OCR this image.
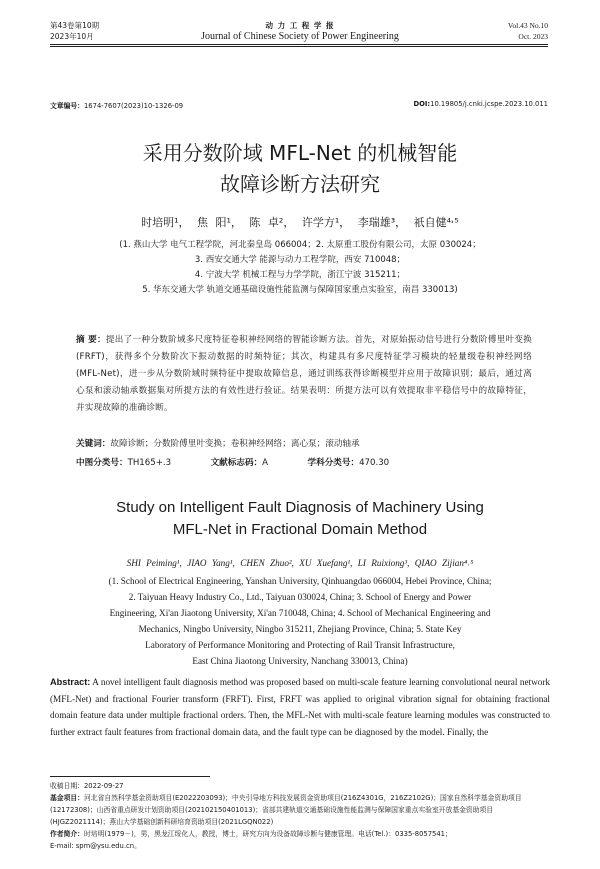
第43卷第10期
2023年10月
动 力 工 程 学 报
Journal of Chinese Society of Power Engineering
Vol.43 No.10
Oct. 2023
文章编号：1674-7607(2023)10-1326-09	DOI:10.19805/j.cnki.jcspe.2023.10.011
采用分数阶域 MFL-Net 的机械智能
故障诊断方法研究
时培明¹， 焦 阳¹， 陈 卓²， 许学方¹， 李瑞雄³， 祇自健⁴˒⁵
(1. 燕山大学 电气工程学院，河北秦皇岛 066004；2. 太原重工股份有限公司，太原 030024；
3. 西安交通大学 能源与动力工程学院，西安 710048；
4. 宁波大学 机械工程与力学学院，浙江宁波 315211；
5. 华东交通大学 轨道交通基础设施性能监测与保障国家重点实验室，南昌 330013)
摘 要：提出了一种分数阶域多尺度特征卷积神经网络的智能诊断方法。首先，对原始振动信号进行分数阶傅里叶变换(FRFT)，获得多个分数阶次下振动数据的时频特征；其次，构建具有多尺度特征学习模块的轻量级卷积神经网络(MFL-Net)，进一步从分数阶域时频特征中提取故障信息，通过训练获得诊断模型并应用于故障识别；最后，通过离心泵和滚动轴承数据集对所提方法的有效性进行验证。结果表明：所提方法可以有效提取非平稳信号中的故障特征，并实现故障的准确诊断。
关键词：故障诊断；分数阶傅里叶变换；卷积神经网络；离心泵；滚动轴承
中图分类号：TH165+.3	文献标志码：A	学科分类号：470.30
Study on Intelligent Fault Diagnosis of Machinery Using
MFL-Net in Fractional Domain Method
SHI Peiming¹, JIAO Yang¹, CHEN Zhuo², XU Xuefang¹, LI Ruixiong³, QIAO Zijian⁴˒⁵
(1. School of Electrical Engineering, Yanshan University, Qinhuangdao 066004, Hebei Province, China;
2. Taiyuan Heavy Industry Co., Ltd., Taiyuan 030024, China; 3. School of Energy and Power
Engineering, Xi'an Jiaotong University, Xi'an 710048, China; 4. School of Mechanical Engineering and
Mechanics, Ningbo University, Ningbo 315211, Zhejiang Province, China; 5. State Key
Laboratory of Performance Monitoring and Protecting of Rail Transit Infrastructure,
East China Jiaotong University, Nanchang 330013, China)
Abstract: A novel intelligent fault diagnosis method was proposed based on multi-scale feature learning convolutional neural network (MFL-Net) and fractional Fourier transform (FRFT). First, FRFT was applied to original vibration signal for obtaining fractional domain feature data under multiple fractional orders. Then, the MFL-Net with multi-scale feature learning modules was constructed to further extract fault features from fractional domain data, and the fault type can be diagnosed by the model. Finally, the
收稿日期：2022-09-27
基金项目：河北省自然科学基金资助项目(E2022203093)；中央引导地方科技发展资金资助项目(216Z4301G，216Z2102G)；国家自然科学基金资助项目(12172308)；山西省重点研发计划资助项目(202102150401013)；省部共建轨道交通基础设施性能监测与保障国家重点实验室开放基金资助项目(HJGZ2021114)；燕山大学基础创新科研培育资助项目(2021LGQN022)
作者简介：时培明(1979－)，男，黑龙江绥化人，教授，博士，研究方向为设备故障诊断与健康管理。电话(Tel.)：0335-8057541；
E-mail: spm@ysu.edu.cn。
